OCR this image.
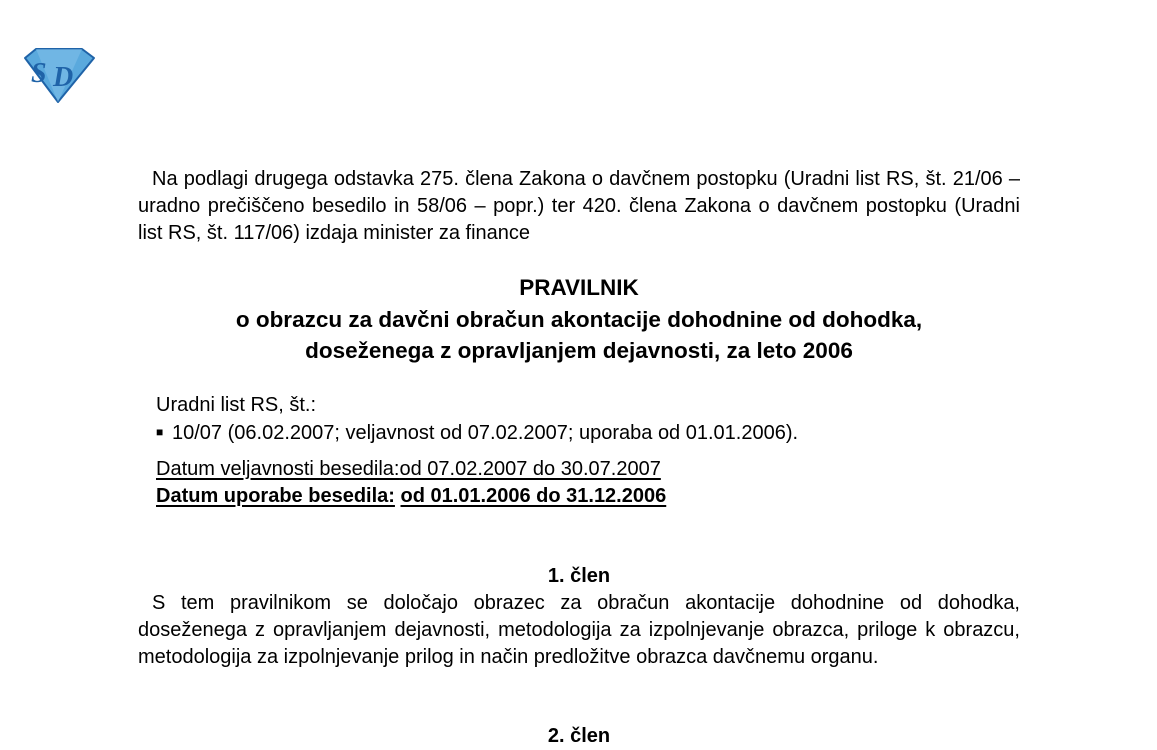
S D

Na podlagi drugega odstavka 275. člena Zakona o davčnem postopku (Uradni list RS, št. 21/06 – uradno prečiščeno besedilo in 58/06 – popr.) ter 420. člena Zakona o davčnem postopku (Uradni list RS, št. 117/06) izdaja minister za finance

PRAVILNIK
o obrazcu za davčni obračun akontacije dohodnine od dohodka,
doseženega z opravljanjem dejavnosti, za leto 2006
Uradni list RS, št.:
■ 10/07 (06.02.2007; veljavnost od 07.02.2007; uporaba od 01.01.2006).
Datum veljavnosti besedila:od 07.02.2007 do 30.07.2007
Datum uporabe besedila: od 01.01.2006 do 31.12.2006
1. člen

S tem pravilnikom se določajo obrazec za obračun akontacije dohodnine od dohodka, doseženega z opravljanjem dejavnosti, metodologija za izpolnjevanje obrazca, priloge k obrazcu, metodologija za izpolnjevanje prilog in način predložitve obrazca davčnemu organu.

2. člen
